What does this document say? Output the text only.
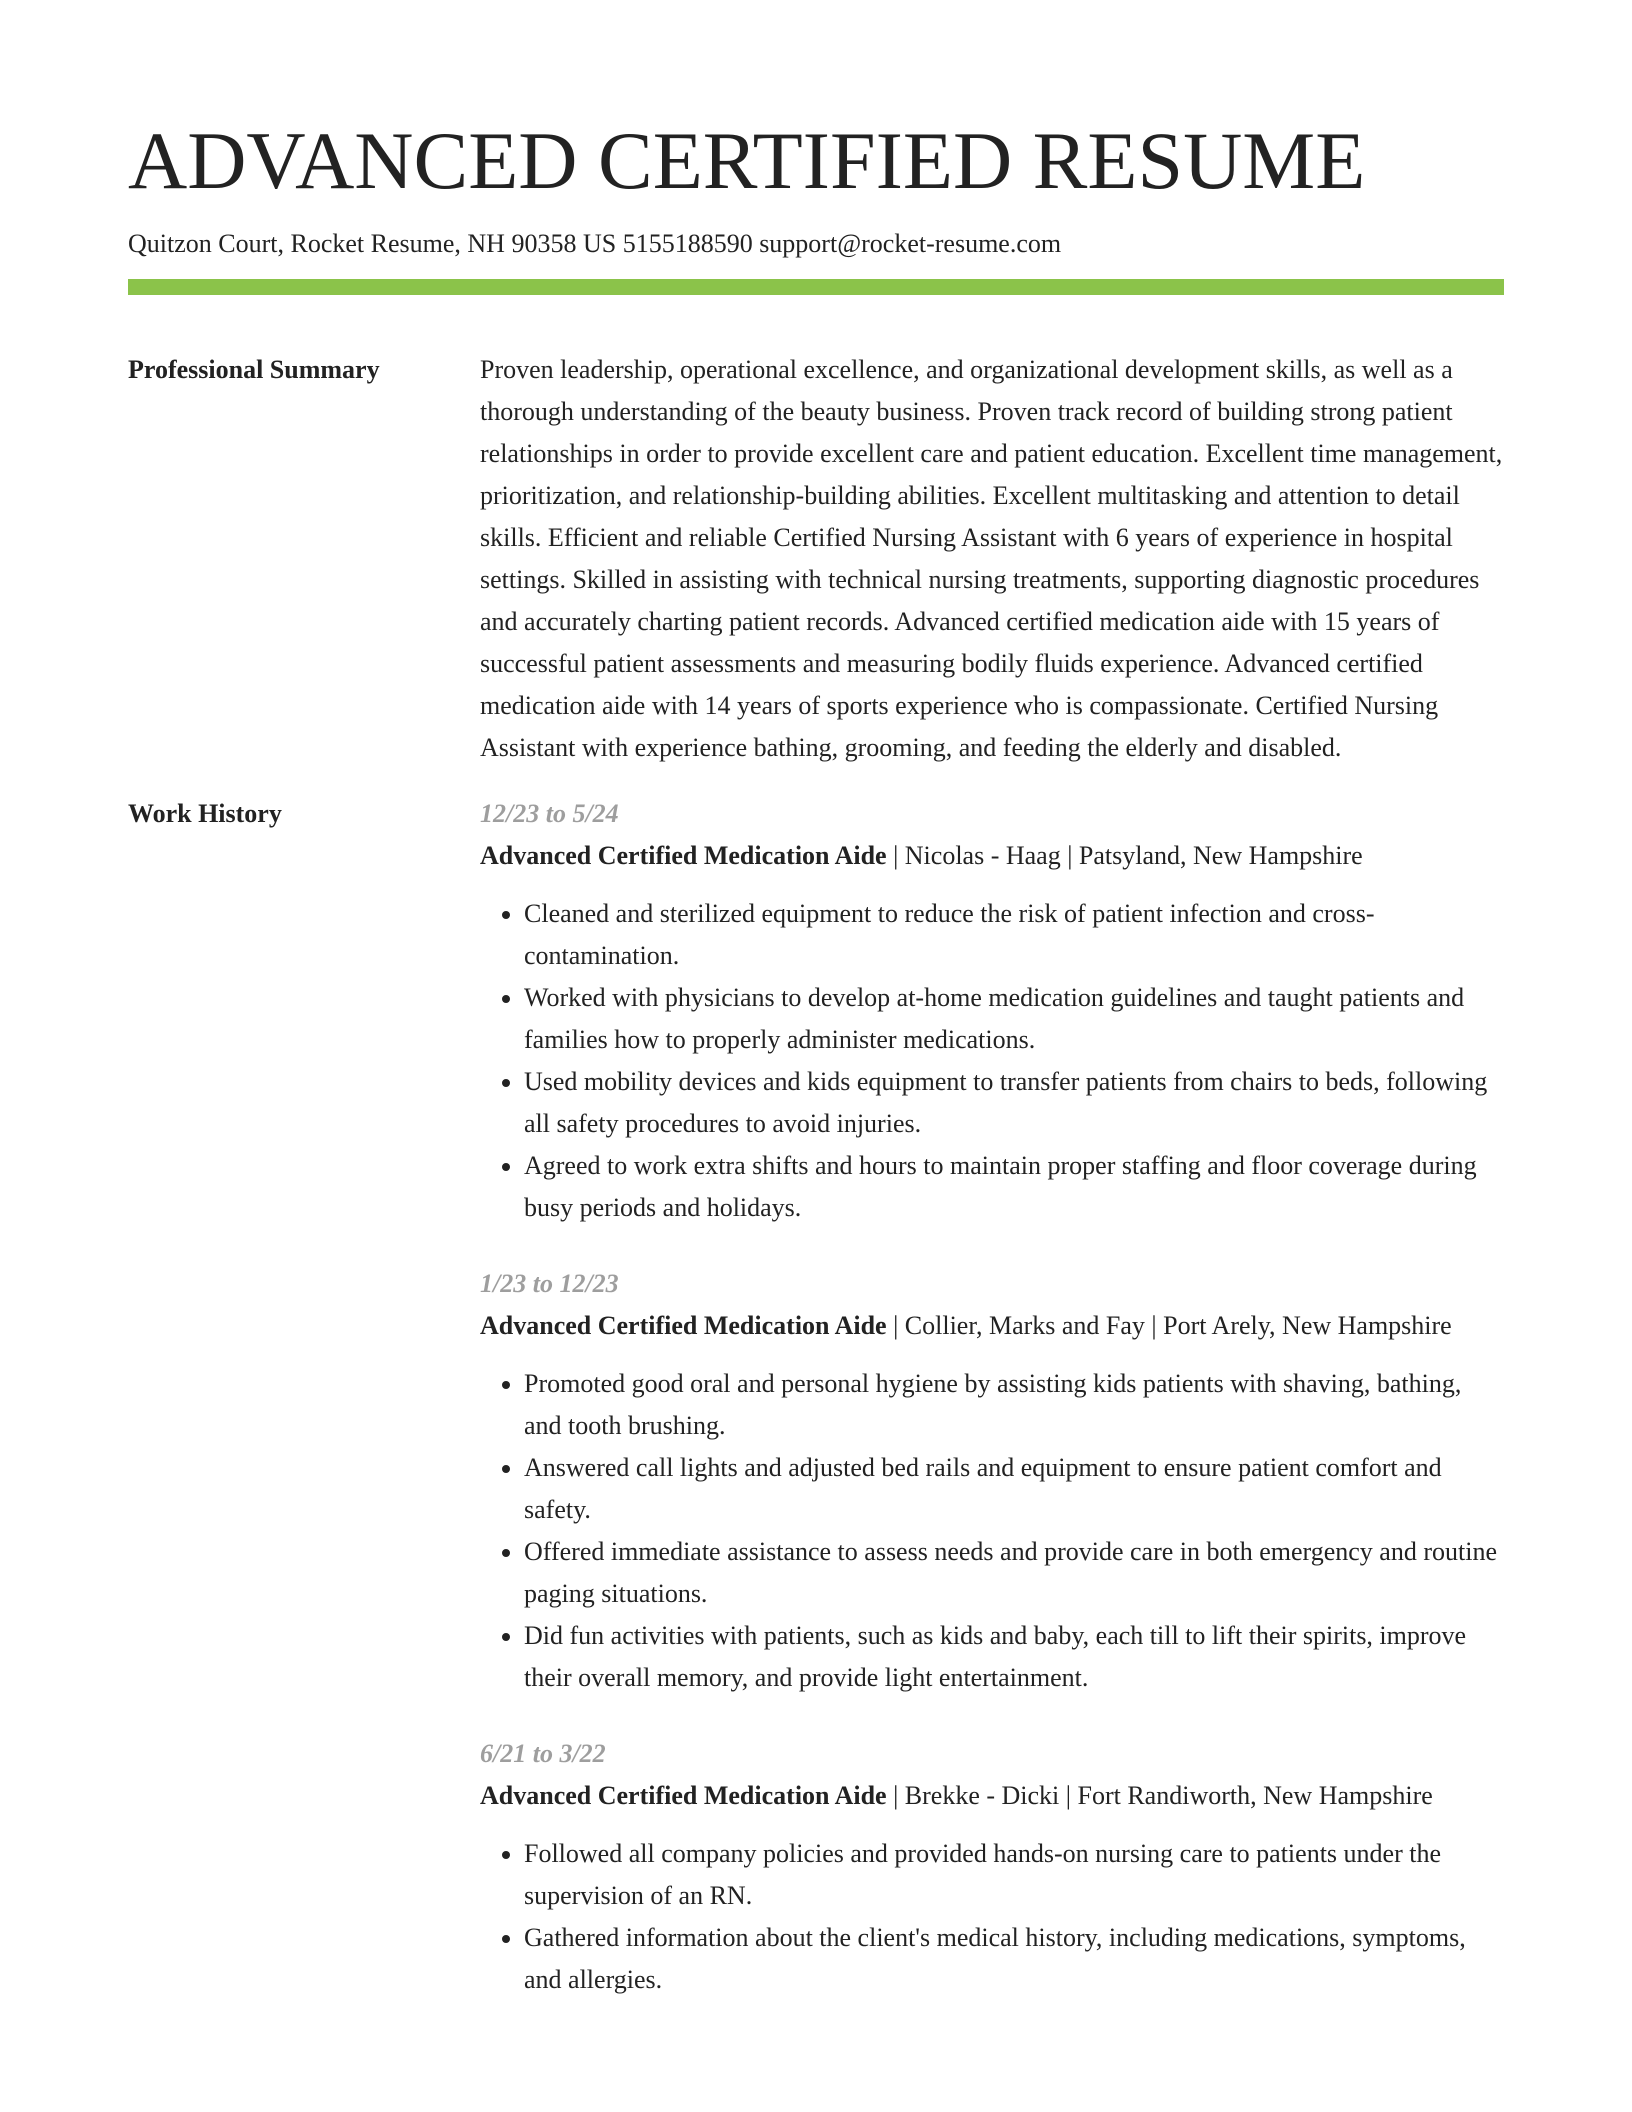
ADVANCED CERTIFIED RESUME
Quitzon Court, Rocket Resume, NH 90358 US 5155188590 support@rocket-resume.com
Professional Summary	Proven leadership, operational excellence, and organizational development skills, as well as a thorough understanding of the beauty business. Proven track record of building strong patient relationships in order to provide excellent care and patient education. Excellent time management, prioritization, and relationship-building abilities. Excellent multitasking and attention to detail skills. Efficient and reliable Certified Nursing Assistant with 6 years of experience in hospital settings. Skilled in assisting with technical nursing treatments, supporting diagnostic procedures and accurately charting patient records. Advanced certified medication aide with 15 years of successful patient assessments and measuring bodily fluids experience. Advanced certified medication aide with 14 years of sports experience who is compassionate. Certified Nursing Assistant with experience bathing, grooming, and feeding the elderly and disabled.

Work History	12/23 to 5/24
Advanced Certified Medication Aide | Nicolas - Haag | Patsyland, New Hampshire
• Cleaned and sterilized equipment to reduce the risk of patient infection and cross-contamination.
• Worked with physicians to develop at-home medication guidelines and taught patients and families how to properly administer medications.
• Used mobility devices and kids equipment to transfer patients from chairs to beds, following all safety procedures to avoid injuries.
• Agreed to work extra shifts and hours to maintain proper staffing and floor coverage during busy periods and holidays.
1/23 to 12/23
Advanced Certified Medication Aide | Collier, Marks and Fay | Port Arely, New Hampshire
• Promoted good oral and personal hygiene by assisting kids patients with shaving, bathing, and tooth brushing.
• Answered call lights and adjusted bed rails and equipment to ensure patient comfort and safety.
• Offered immediate assistance to assess needs and provide care in both emergency and routine paging situations.
• Did fun activities with patients, such as kids and baby, each till to lift their spirits, improve their overall memory, and provide light entertainment.
6/21 to 3/22
Advanced Certified Medication Aide | Brekke - Dicki | Fort Randiworth, New Hampshire
• Followed all company policies and provided hands-on nursing care to patients under the supervision of an RN.
• Gathered information about the client's medical history, including medications, symptoms, and allergies.
